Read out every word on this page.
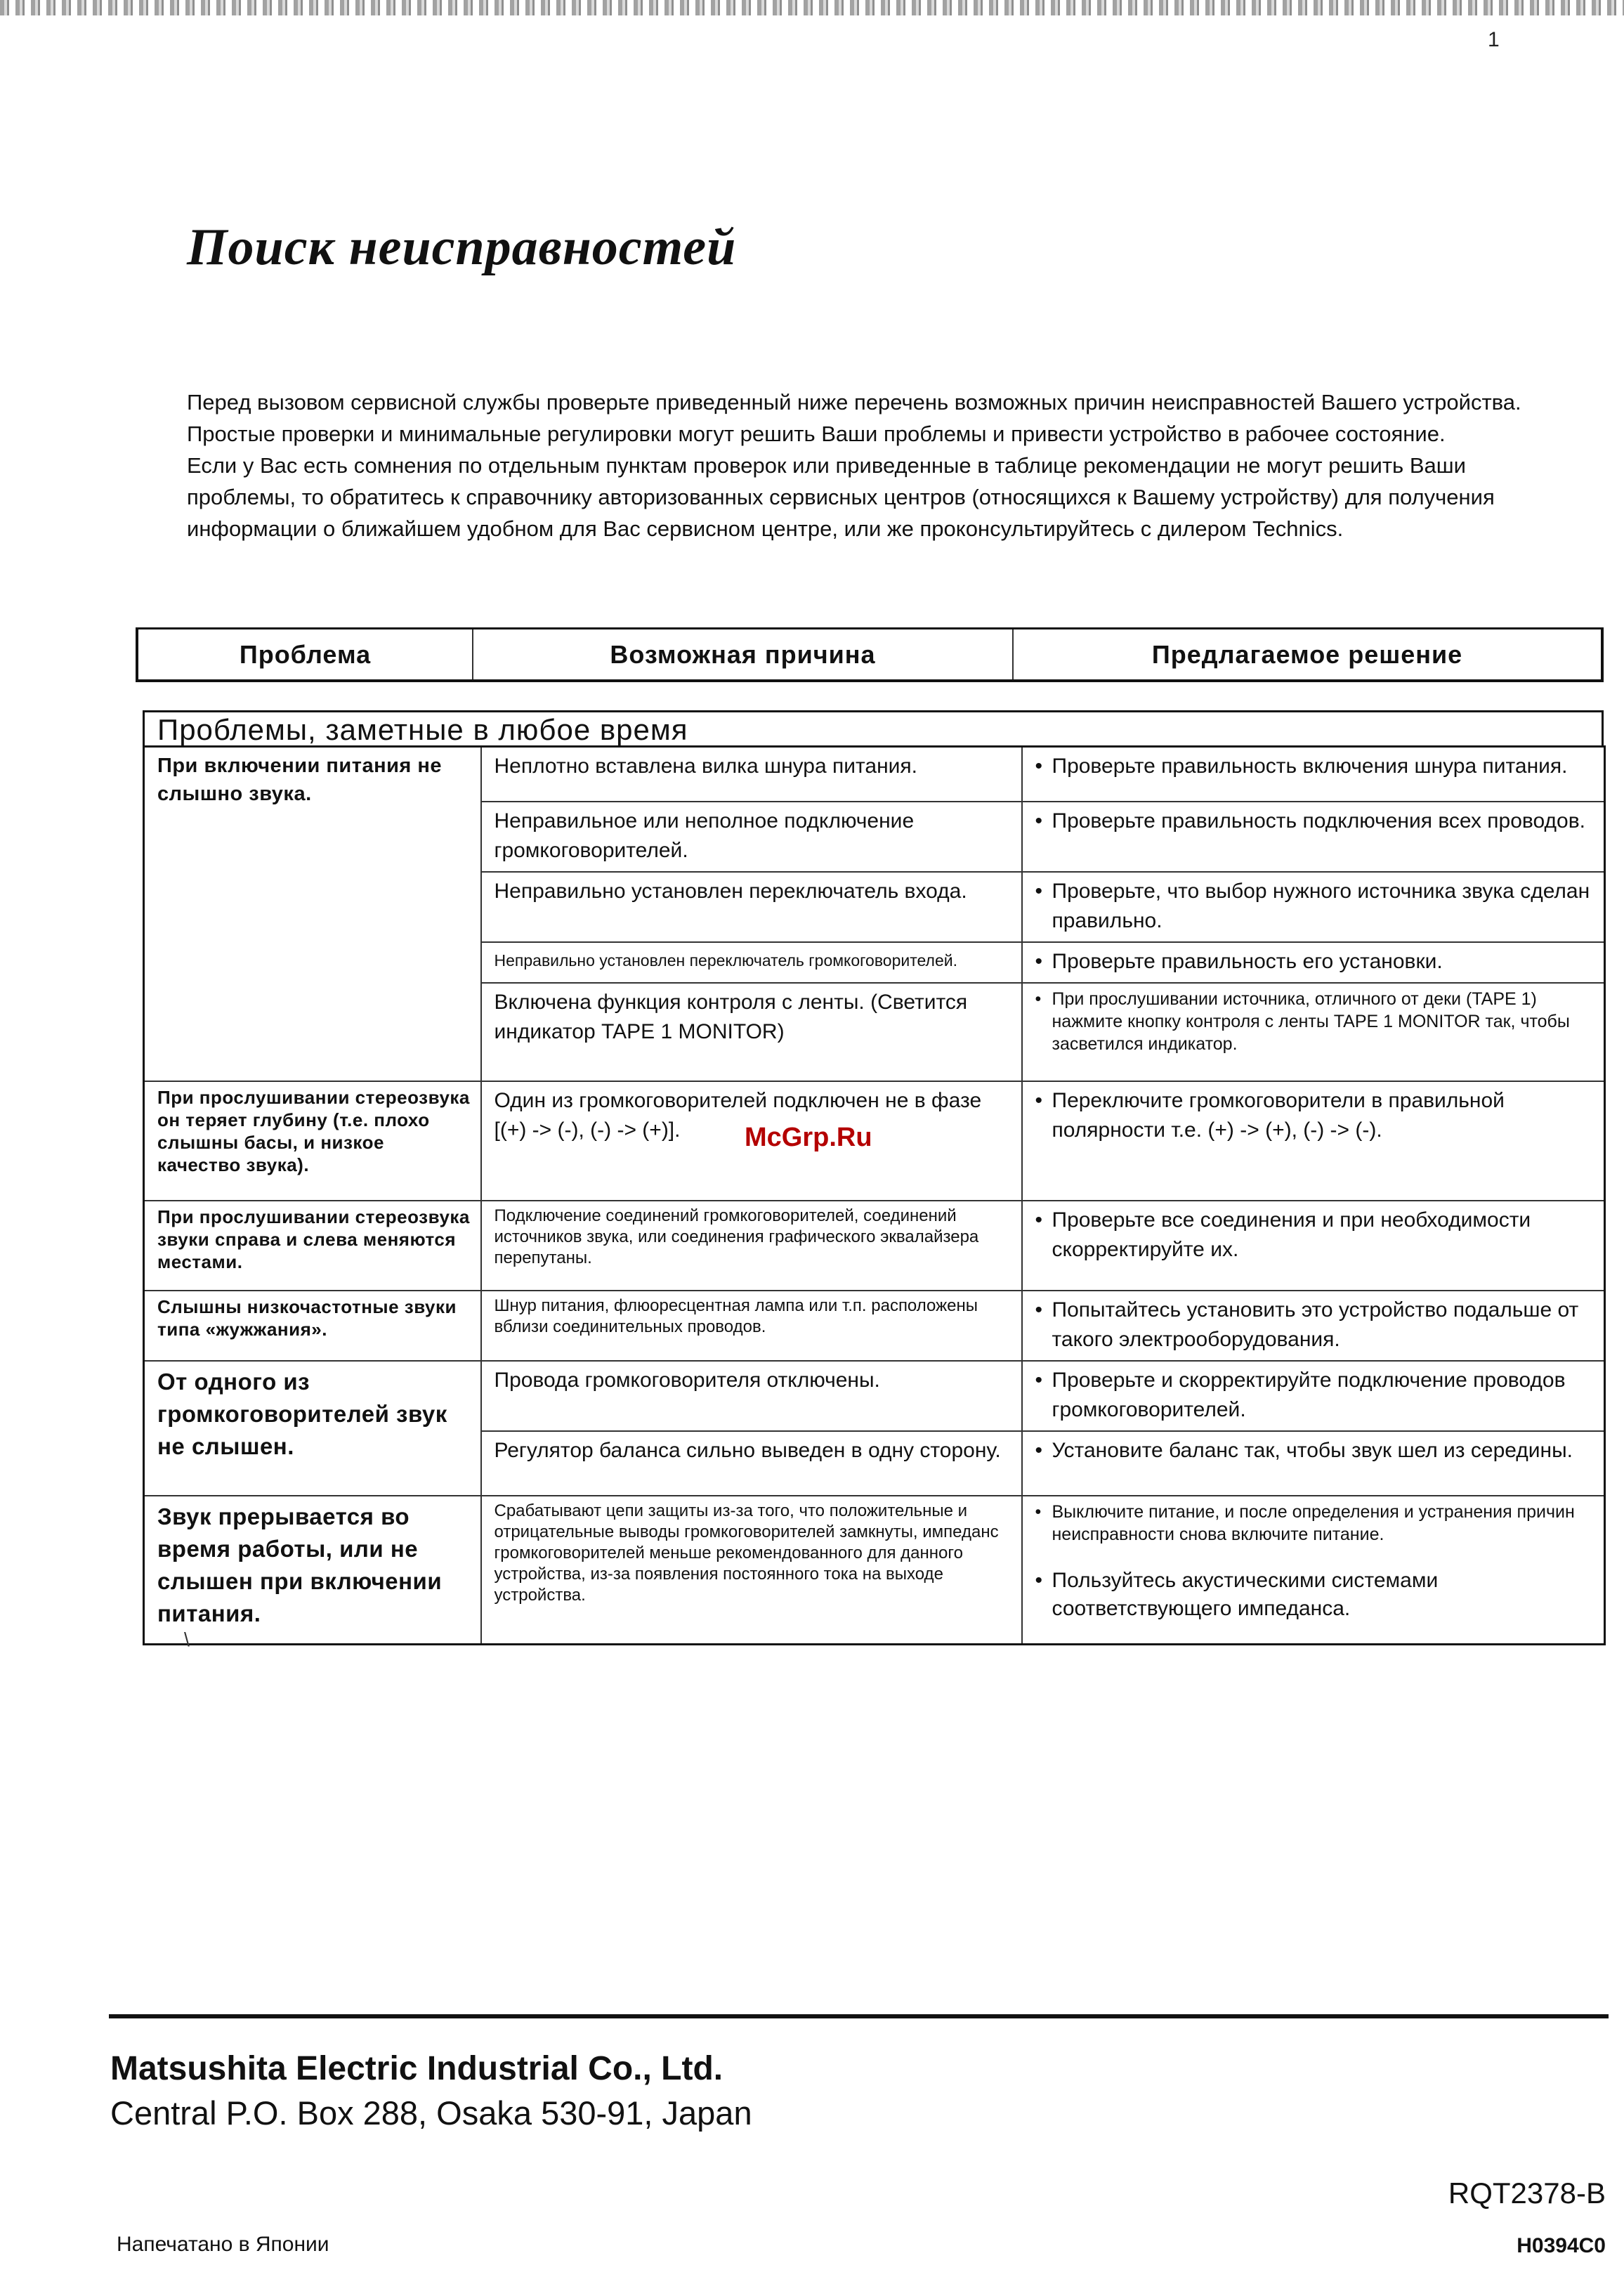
1
Поиск неисправностей

Перед вызовом сервисной службы проверьте приведенный ниже перечень возможных причин неисправностей Вашего устройства. Простые проверки и минимальные регулировки могут решить Ваши проблемы и привести устройство в рабочее состояние.

Если у Вас есть сомнения по отдельным пунктам проверок или приведенные в таблице рекомендации не могут решить Ваши проблемы, то обратитесь к справочнику авторизованных сервисных центров (относящихся к Вашему устройству) для получения информации о ближайшем удобном для Вас сервисном центре, или же проконсультируйтесь с дилером Technics.

Проблема	Возможная причина	Предлагаемое решение
Проблемы, заметные в любое время
При включении питания не слышно звука.	Неплотно вставлена вилка шнура питания.	• Проверьте правильность включения шнура питания.

	Неправильное или неполное подключение громкоговорителей.	• Проверьте правильность подключения всех проводов.

	Неправильно установлен переключатель входа.	• Проверьте, что выбор нужного источника звука сделан правильно.

	Неправильно установлен переключатель громкоговорителей.	• Проверьте правильность его установки.

	Включена функция контроля с ленты. (Светится индикатор TAPE 1 MONITOR)	• При прослушивании источника, отличного от деки (TAPE 1) нажмите кнопку контроля с ленты TAPE 1 MONITOR так, чтобы засветился индикатор.

При прослушивании стереозвука он теряет глубину (т.е. плохо слышны басы, и низкое качество звука).	Один из громкоговорителей подключен не в фазе [(+) -> (-), (-) -> (+)].	• Переключите громкоговорители в правильной полярности т.е. (+) -> (+), (-) -> (-).

При прослушивании стереозвука звуки справа и слева меняются местами.	Подключение соединений громкоговорителей, соединений источников звука, или соединения графического эквалайзера перепутаны.	• Проверьте все соединения и при необходимости скорректируйте их.

Слышны низкочастотные звуки типа «жужжания».	Шнур питания, флюоресцентная лампа или т.п. расположены вблизи соединительных проводов.	• Попытайтесь установить это устройство подальше от такого электрооборудования.

От одного из громкоговорителей звук не слышен.	Провода громкоговорителя отключены.	• Проверьте и скорректируйте подключение проводов громкоговорителей.

	Регулятор баланса сильно выведен в одну сторону.	• Установите баланс так, чтобы звук шел из середины.

Звук прерывается во время работы, или не слышен при включении питания.	Срабатывают цепи защиты из-за того, что положительные и отрицательные выводы громкоговорителей замкнуты, импеданс громкоговорителей меньше рекомендованного для данного устройства, из-за появления постоянного тока на выходе устройства.	• Выключите питание, и после определения и устранения причин неисправности снова включите питание.
• Пользуйтесь акустическими системами соответствующего импеданса.
McGrp.Ru
\

Matsushita Electric Industrial Co., Ltd.

Central P.O. Box 288, Osaka 530-91, Japan

RQT2378-B
Напечатано в Японии	H0394C0
